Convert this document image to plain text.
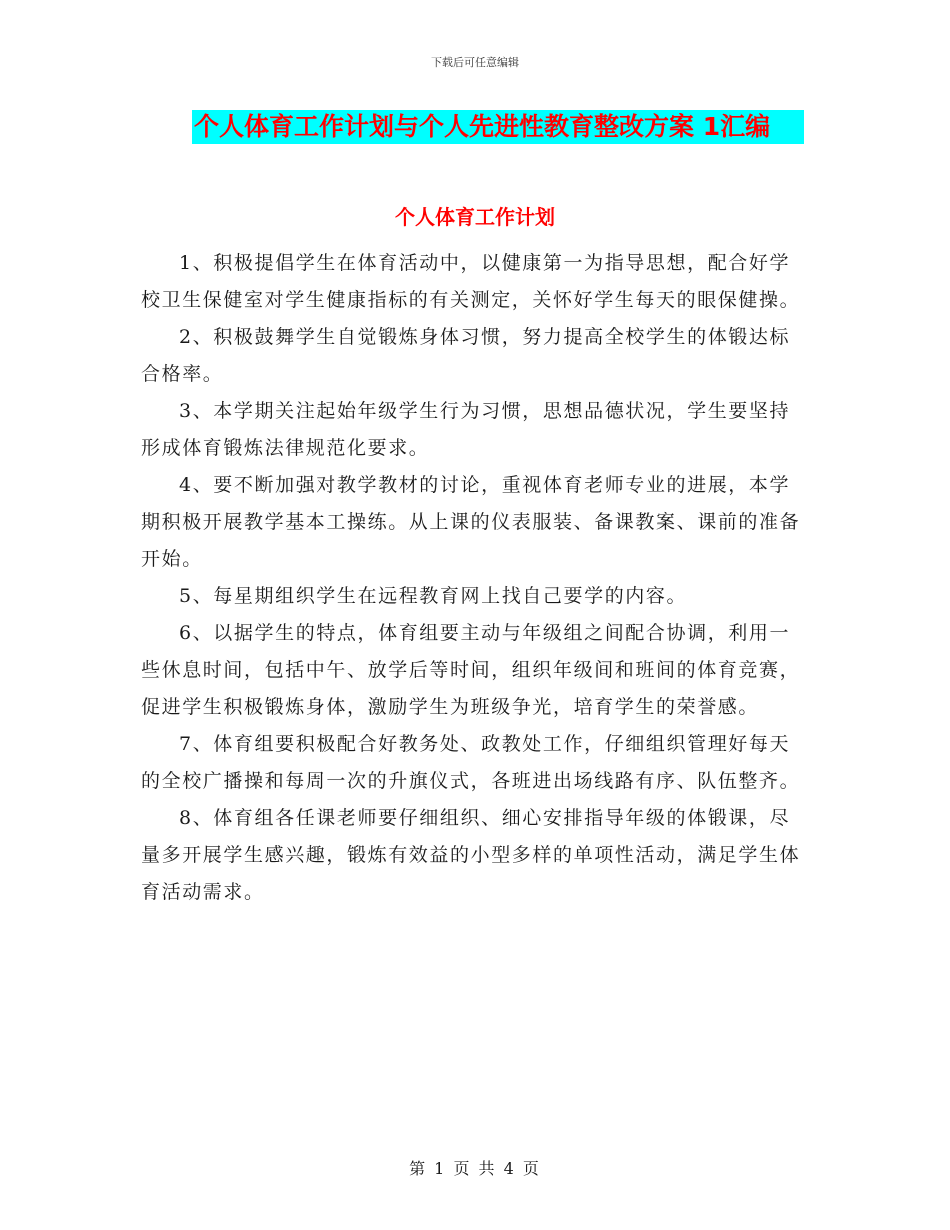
下载后可任意编辑
个人体育工作计划与个人先进性教育整改方案 1汇编
个人体育工作计划

1、积极提倡学生在体育活动中，以健康第一为指导思想，配合好学校卫生保健室对学生健康指标的有关测定，关怀好学生每天的眼保健操。

2、积极鼓舞学生自觉锻炼身体习惯，努力提高全校学生的体锻达标合格率。

3、本学期关注起始年级学生行为习惯，思想品德状况，学生要坚持形成体育锻炼法律规范化要求。

4、要不断加强对教学教材的讨论，重视体育老师专业的进展，本学期积极开展教学基本工操练。从上课的仪表服装、备课教案、课前的准备开始。

5、每星期组织学生在远程教育网上找自己要学的内容。

6、以据学生的特点，体育组要主动与年级组之间配合协调，利用一些休息时间，包括中午、放学后等时间，组织年级间和班间的体育竞赛，促进学生积极锻炼身体，激励学生为班级争光，培育学生的荣誉感。

7、体育组要积极配合好教务处、政教处工作，仔细组织管理好每天的全校广播操和每周一次的升旗仪式，各班进出场线路有序、队伍整齐。

8、体育组各任课老师要仔细组织、细心安排指导年级的体锻课，尽量多开展学生感兴趣，锻炼有效益的小型多样的单项性活动，满足学生体育活动需求。

第 1 页 共 4 页
